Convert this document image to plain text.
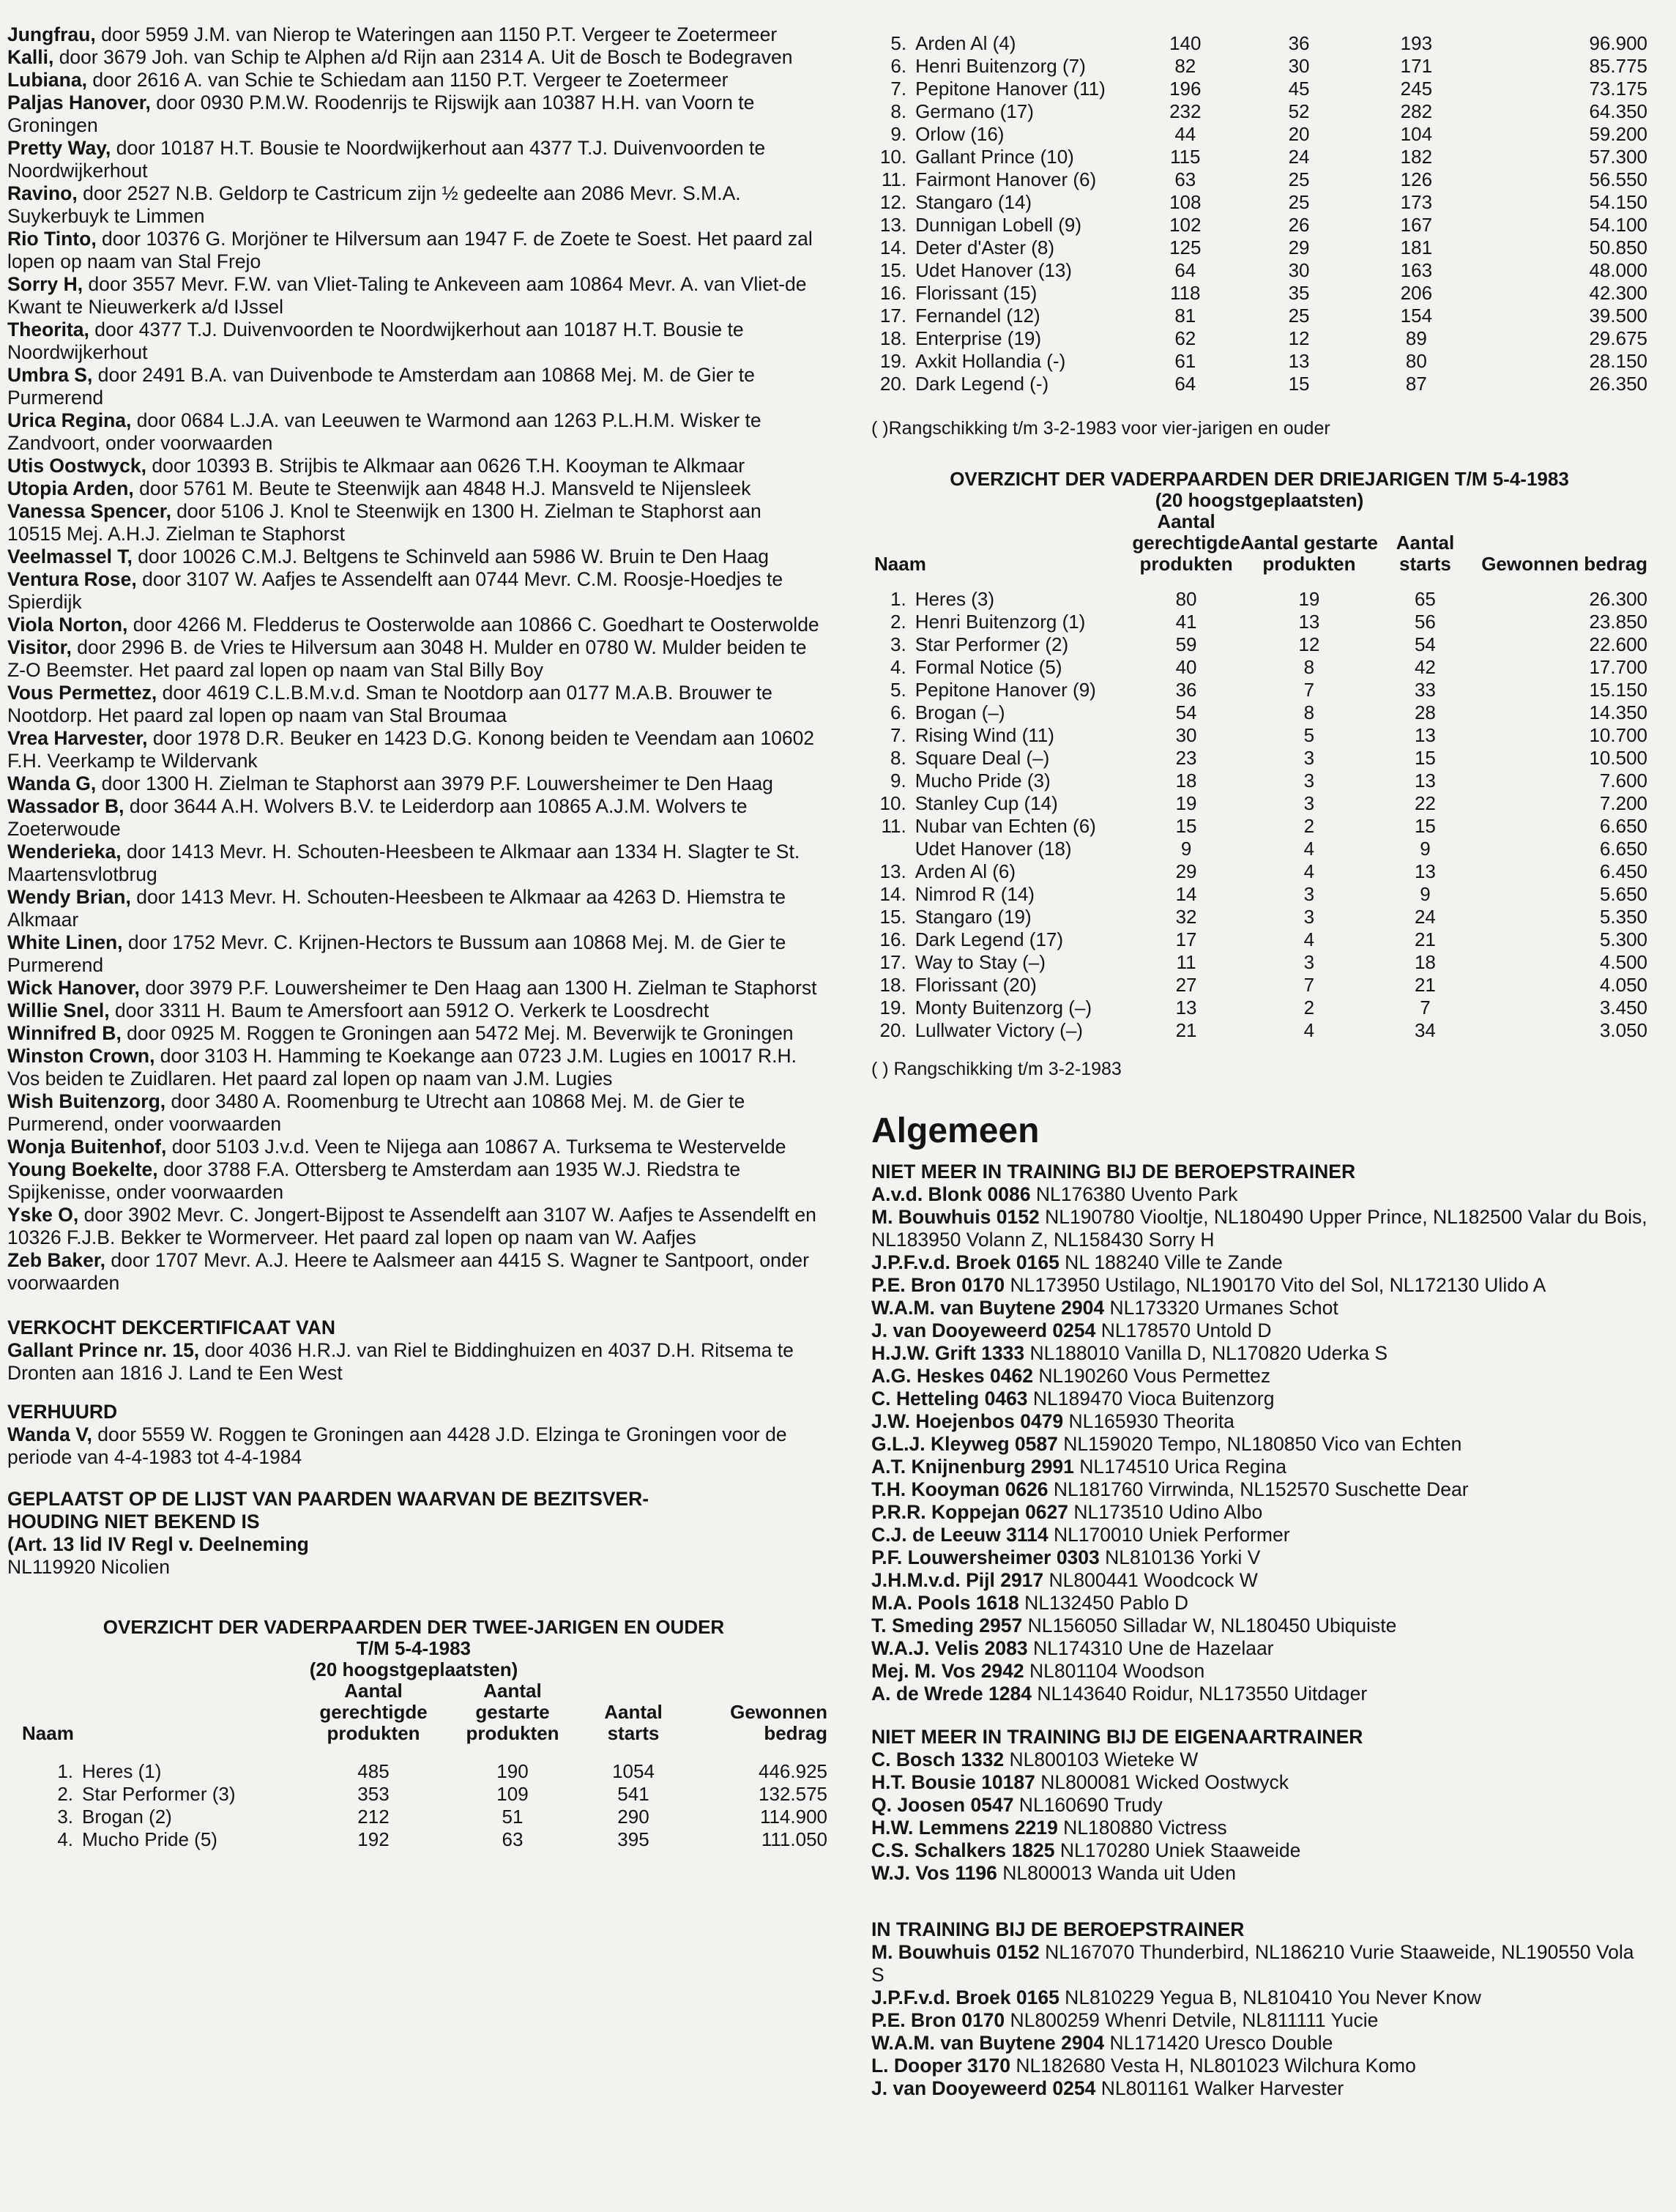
Jungfrau, door 5959 J.M. van Nierop te Wateringen aan 1150 P.T. Vergeer te Zoetermeer

Kalli, door 3679 Joh. van Schip te Alphen a/d Rijn aan 2314 A. Uit de Bosch te Bodegraven

Lubiana, door 2616 A. van Schie te Schiedam aan 1150 P.T. Vergeer te Zoetermeer

Paljas Hanover, door 0930 P.M.W. Roodenrijs te Rijswijk aan 10387 H.H. van Voorn te Groningen

Pretty Way, door 10187 H.T. Bousie te Noordwijkerhout aan 4377 T.J. Duivenvoorden te Noordwijkerhout

Ravino, door 2527 N.B. Geldorp te Castricum zijn ½ gedeelte aan 2086 Mevr. S.M.A. Suykerbuyk te Limmen

Rio Tinto, door 10376 G. Morjöner te Hilversum aan 1947 F. de Zoete te Soest. Het paard zal lopen op naam van Stal Frejo

Sorry H, door 3557 Mevr. F.W. van Vliet-Taling te Ankeveen aam 10864 Mevr. A. van Vliet-de Kwant te Nieuwerkerk a/d IJssel

Theorita, door 4377 T.J. Duivenvoorden te Noordwijkerhout aan 10187 H.T. Bousie te Noordwijkerhout

Umbra S, door 2491 B.A. van Duivenbode te Amsterdam aan 10868 Mej. M. de Gier te Purmerend

Urica Regina, door 0684 L.J.A. van Leeuwen te Warmond aan 1263 P.L.H.M. Wisker te Zandvoort, onder voorwaarden

Utis Oostwyck, door 10393 B. Strijbis te Alkmaar aan 0626 T.H. Kooyman te Alkmaar

Utopia Arden, door 5761 M. Beute te Steenwijk aan 4848 H.J. Mansveld te Nijensleek

Vanessa Spencer, door 5106 J. Knol te Steenwijk en 1300 H. Zielman te Staphorst aan 10515 Mej. A.H.J. Zielman te Staphorst

Veelmassel T, door 10026 C.M.J. Beltgens te Schinveld aan 5986 W. Bruin te Den Haag

Ventura Rose, door 3107 W. Aafjes te Assendelft aan 0744 Mevr. C.M. Roosje-Hoedjes te Spierdijk

Viola Norton, door 4266 M. Fledderus te Oosterwolde aan 10866 C. Goedhart te Oosterwolde

Visitor, door 2996 B. de Vries te Hilversum aan 3048 H. Mulder en 0780 W. Mulder beiden te Z-O Beemster. Het paard zal lopen op naam van Stal Billy Boy

Vous Permettez, door 4619 C.L.B.M.v.d. Sman te Nootdorp aan 0177 M.A.B. Brouwer te Nootdorp. Het paard zal lopen op naam van Stal Broumaa

Vrea Harvester, door 1978 D.R. Beuker en 1423 D.G. Konong beiden te Veendam aan 10602 F.H. Veerkamp te Wildervank

Wanda G, door 1300 H. Zielman te Staphorst aan 3979 P.F. Louwersheimer te Den Haag

Wassador B, door 3644 A.H. Wolvers B.V. te Leiderdorp aan 10865 A.J.M. Wolvers te Zoeterwoude

Wenderieka, door 1413 Mevr. H. Schouten-Heesbeen te Alkmaar aan 1334 H. Slagter te St. Maartensvlotbrug

Wendy Brian, door 1413 Mevr. H. Schouten-Heesbeen te Alkmaar aa 4263 D. Hiemstra te Alkmaar

White Linen, door 1752 Mevr. C. Krijnen-Hectors te Bussum aan 10868 Mej. M. de Gier te Purmerend

Wick Hanover, door 3979 P.F. Louwersheimer te Den Haag aan 1300 H. Zielman te Staphorst

Willie Snel, door 3311 H. Baum te Amersfoort aan 5912 O. Verkerk te Loosdrecht

Winnifred B, door 0925 M. Roggen te Groningen aan 5472 Mej. M. Beverwijk te Groningen

Winston Crown, door 3103 H. Hamming te Koekange aan 0723 J.M. Lugies en 10017 R.H. Vos beiden te Zuidlaren. Het paard zal lopen op naam van J.M. Lugies

Wish Buitenzorg, door 3480 A. Roomenburg te Utrecht aan 10868 Mej. M. de Gier te Purmerend, onder voorwaarden

Wonja Buitenhof, door 5103 J.v.d. Veen te Nijega aan 10867 A. Turksema te Westervelde

Young Boekelte, door 3788 F.A. Ottersberg te Amsterdam aan 1935 W.J. Riedstra te Spijkenisse, onder voorwaarden

Yske O, door 3902 Mevr. C. Jongert-Bijpost te Assendelft aan 3107 W. Aafjes te Assendelft en 10326 F.J.B. Bekker te Wormerveer. Het paard zal lopen op naam van W. Aafjes

Zeb Baker, door 1707 Mevr. A.J. Heere te Aalsmeer aan 4415 S. Wagner te Santpoort, onder voorwaarden

VERKOCHT DEKCERTIFICAAT VAN

Gallant Prince nr. 15, door 4036 H.R.J. van Riel te Biddinghuizen en 4037 D.H. Ritsema te Dronten aan 1816 J. Land te Een West

VERHUURD

Wanda V, door 5559 W. Roggen te Groningen aan 4428 J.D. Elzinga te Groningen voor de periode van 4-4-1983 tot 4-4-1984

GEPLAATST OP DE LIJST VAN PAARDEN WAARVAN DE BEZITSVER-

HOUDING NIET BEKEND IS

(Art. 13 lid IV Regl v. Deelneming

NL119920 Nicolien

OVERZICHT DER VADERPAARDEN DER TWEE-JARIGEN EN OUDER

T/M 5-4-1983

(20 hoogstgeplaatsten)

Naam	Aantal gerechtigde produkten	Aantal gestarte produkten	Aantal starts	Gewonnen bedrag

1.	Heres (1)	485	190	1054	446.925
2.	Star Performer (3)	353	109	541	132.575
3.	Brogan (2)	212	51	290	114.900
4.	Mucho Pride (5)	192	63	395	111.050
5.	Arden Al (4)	140	36	193	96.900
6.	Henri Buitenzorg (7)	82	30	171	85.775
7.	Pepitone Hanover (11)	196	45	245	73.175
8.	Germano (17)	232	52	282	64.350
9.	Orlow (16)	44	20	104	59.200
10.	Gallant Prince (10)	115	24	182	57.300
11.	Fairmont Hanover (6)	63	25	126	56.550
12.	Stangaro (14)	108	25	173	54.150
13.	Dunnigan Lobell (9)	102	26	167	54.100
14.	Deter d'Aster (8)	125	29	181	50.850
15.	Udet Hanover (13)	64	30	163	48.000
16.	Florissant (15)	118	35	206	42.300
17.	Fernandel (12)	81	25	154	39.500
18.	Enterprise (19)	62	12	89	29.675
19.	Axkit Hollandia (-)	61	13	80	28.150
20.	Dark Legend (-)	64	15	87	26.350

( )Rangschikking t/m 3-2-1983 voor vier-jarigen en ouder

OVERZICHT DER VADERPAARDEN DER DRIEJARIGEN T/M 5-4-1983

(20 hoogstgeplaatsten)

Naam		Aantal gerechtigde produkten	Aantal gestarte produkten	Aantal starts	Gewonnen bedrag

1.	Heres (3)	80	19	65	26.300
2.	Henri Buitenzorg (1)	41	13	56	23.850
3.	Star Performer (2)	59	12	54	22.600
4.	Formal Notice (5)	40	8	42	17.700
5.	Pepitone Hanover (9)	36	7	33	15.150
6.	Brogan (–)	54	8	28	14.350
7.	Rising Wind (11)	30	5	13	10.700
8.	Square Deal (–)	23	3	15	10.500
9.	Mucho Pride (3)	18	3	13	7.600
10.	Stanley Cup (14)	19	3	22	7.200
11.	Nubar van Echten (6)	15	2	15	6.650
	Udet Hanover (18)	9	4	9	6.650
13.	Arden Al (6)	29	4	13	6.450
14.	Nimrod R (14)	14	3	9	5.650
15.	Stangaro (19)	32	3	24	5.350
16.	Dark Legend (17)	17	4	21	5.300
17.	Way to Stay (–)	11	3	18	4.500
18.	Florissant (20)	27	7	21	4.050
19.	Monty Buitenzorg (–)	13	2	7	3.450
20.	Lullwater Victory (–)	21	4	34	3.050

( ) Rangschikking t/m 3-2-1983

Algemeen

NIET MEER IN TRAINING BIJ DE BEROEPSTRAINER

A.v.d. Blonk 0086 NL176380 Uvento Park

M. Bouwhuis 0152 NL190780 Viooltje, NL180490 Upper Prince, NL182500 Valar du Bois, NL183950 Volann Z, NL158430 Sorry H

J.P.F.v.d. Broek 0165 NL 188240 Ville te Zande

P.E. Bron 0170 NL173950 Ustilago, NL190170 Vito del Sol, NL172130 Ulido A

W.A.M. van Buytene 2904 NL173320 Urmanes Schot

J. van Dooyeweerd 0254 NL178570 Untold D

H.J.W. Grift 1333 NL188010 Vanilla D, NL170820 Uderka S

A.G. Heskes 0462 NL190260 Vous Permettez

C. Hetteling 0463 NL189470 Vioca Buitenzorg

J.W. Hoejenbos 0479 NL165930 Theorita

G.L.J. Kleyweg 0587 NL159020 Tempo, NL180850 Vico van Echten

A.T. Knijnenburg 2991 NL174510 Urica Regina

T.H. Kooyman 0626 NL181760 Virrwinda, NL152570 Suschette Dear

P.R.R. Koppejan 0627 NL173510 Udino Albo

C.J. de Leeuw 3114 NL170010 Uniek Performer

P.F. Louwersheimer 0303 NL810136 Yorki V

J.H.M.v.d. Pijl 2917 NL800441 Woodcock W

M.A. Pools 1618 NL132450 Pablo D

T. Smeding 2957 NL156050 Silladar W, NL180450 Ubiquiste

W.A.J. Velis 2083 NL174310 Une de Hazelaar

Mej. M. Vos 2942 NL801104 Woodson

A. de Wrede 1284 NL143640 Roidur, NL173550 Uitdager

NIET MEER IN TRAINING BIJ DE EIGENAARTRAINER

C. Bosch 1332 NL800103 Wieteke W

H.T. Bousie 10187 NL800081 Wicked Oostwyck

Q. Joosen 0547 NL160690 Trudy

H.W. Lemmens 2219 NL180880 Victress

C.S. Schalkers 1825 NL170280 Uniek Staaweide

W.J. Vos 1196 NL800013 Wanda uit Uden

IN TRAINING BIJ DE BEROEPSTRAINER

M. Bouwhuis 0152 NL167070 Thunderbird, NL186210 Vurie Staaweide, NL190550 Vola S

J.P.F.v.d. Broek 0165 NL810229 Yegua B, NL810410 You Never Know

P.E. Bron 0170 NL800259 Whenri Detvile, NL811111 Yucie

W.A.M. van Buytene 2904 NL171420 Uresco Double

L. Dooper 3170 NL182680 Vesta H, NL801023 Wilchura Komo

J. van Dooyeweerd 0254 NL801161 Walker Harvester
